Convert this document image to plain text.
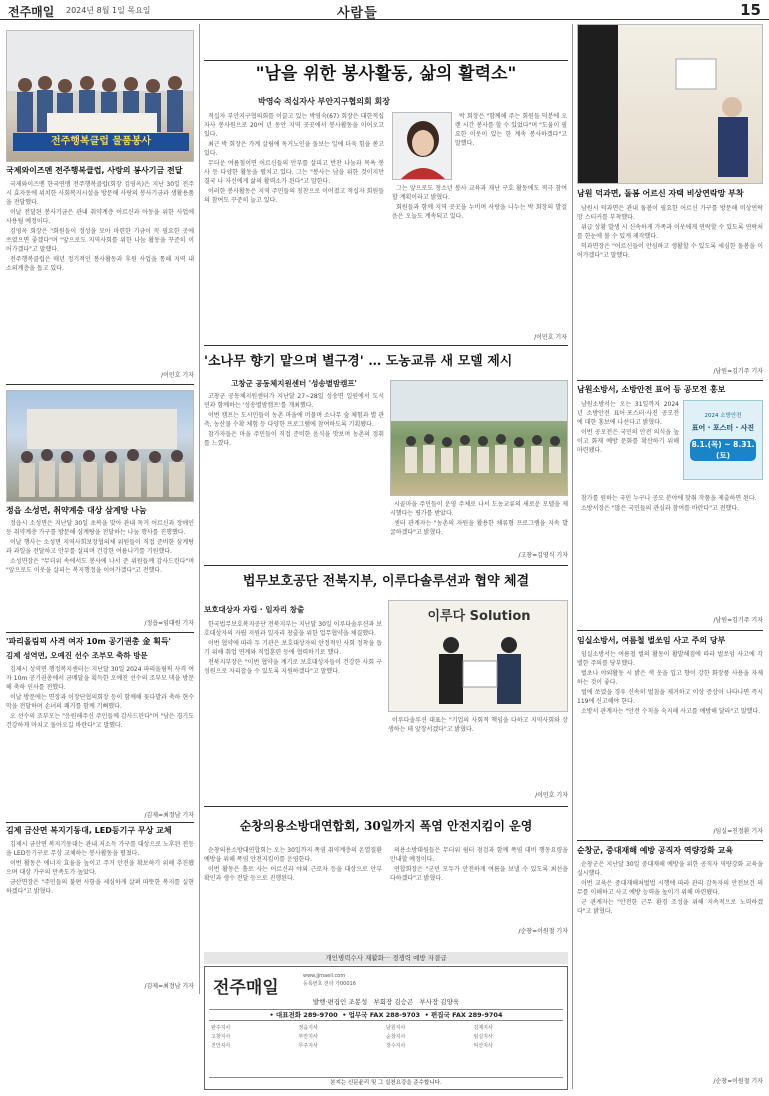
전주매일 2024년 8월 1일 목요일	사람들	15
전주행복클럽 물품봉사
국제와이즈멘 전주행복클럽, 사랑의 봉사기금 전달

국제와이즈멘 한국연맹 전주행복클럽(회장 김영옥)은 지난 30일 전주시 효자동에 위치한 사회복지시설을 방문해 사랑의 봉사기금과 생활용품을 전달했다.

이날 전달된 봉사기금은 관내 취약계층 어르신과 아동을 위한 사업에 사용될 예정이다.

김영옥 회장은 "회원들이 정성을 모아 마련한 기금이 꼭 필요한 곳에 쓰였으면 좋겠다"며 "앞으로도 지역사회를 위한 나눔 활동을 꾸준히 이어가겠다"고 말했다.

전주행복클럽은 매년 정기적인 봉사활동과 후원 사업을 통해 지역 내 소외계층을 돕고 있다.

/이민호 기자
정읍 소성면, 취약계층 대상 삼계탕 나눔

정읍시 소성면은 지난달 30일 초복을 맞아 관내 독거 어르신과 장애인 등 취약계층 가구를 방문해 삼계탕을 전달하는 나눔 행사를 진행했다.

이날 행사는 소성면 지역사회보장협의체 위원들이 직접 준비한 삼계탕과 과일을 전달하고 안부를 살피며 건강한 여름나기를 기원했다.

소성면장은 "무더위 속에서도 봉사에 나서 준 위원들께 감사드린다"며 "앞으로도 이웃을 살피는 복지행정을 이어가겠다"고 전했다.

/정읍=임대원 기자
'파리올림픽 사격 여자 10m 공기권총 金 획득'
김제 성역면, 오예진 선수 조부모 축하 방문

김제시 성역면 행정복지센터는 지난달 30일 2024 파리올림픽 사격 여자 10m 공기권총에서 금메달을 획득한 오예진 선수의 조부모 댁을 방문해 축하 인사를 전했다.

이날 방문에는 면장과 이장단협의회장 등이 함께해 꽃다발과 축하 현수막을 전달하며 손녀의 쾌거를 함께 기뻐했다.

오 선수의 조부모는 "응원해주신 주민들께 감사드린다"며 "남은 경기도 건강하게 마치고 돌아오길 바란다"고 말했다.

/김제=최정남 기자
김제 금산면 복지기동대, LED등기구 무상 교체

김제시 금산면 복지기동대는 관내 저소득 가구를 대상으로 노후된 전등을 LED등기구로 무상 교체하는 봉사활동을 펼쳤다.

이번 활동은 에너지 효율을 높이고 주거 안전을 확보하기 위해 추진됐으며 대상 가구의 만족도가 높았다.

금산면장은 "주민들의 불편 사항을 세심하게 살펴 따뜻한 복지를 실현하겠다"고 밝혔다.

/김제=최정남 기자
"남을 위한 봉사활동, 삶의 활력소"
박영숙 적십자사 부안지구협의회 회장

적십자 부안지구협의회를 이끌고 있는 박영숙(67) 회장은 대한적십자사 봉사원으로 20여 년 동안 지역 곳곳에서 봉사활동을 이어오고 있다.

최근 박 회장은 가계 살림에 독거노인을 돌보는 일에 더욱 힘을 쏟고 있다.

무더운 여름철이면 어르신들의 안부를 살피고 반찬 나눔과 목욕 봉사 등 다양한 활동을 펼치고 있다. 그는 "봉사는 남을 위한 것이지만 결국 나 자신에게 삶의 활력소가 된다"고 말한다.

이러한 봉사활동은 지역 주민들의 칭찬으로 이어졌고 적십자 회원들의 참여도 꾸준히 늘고 있다.

박 회장은 "함께해 주는 회원들 덕분에 오랜 시간 봉사를 할 수 있었다"며 "도움이 필요한 이웃이 있는 한 계속 봉사하겠다"고 말했다.

그는 앞으로도 청소년 봉사 교육과 재난 구호 활동에도 적극 참여할 계획이라고 밝혔다.

회원들과 함께 지역 곳곳을 누비며 사랑을 나누는 박 회장의 발걸음은 오늘도 계속되고 있다.

/이민호 기자
'소나무 향기 맡으며 별구경' … 도농교류 새 모델 제시
고창군 공동체지원센터 '성송별밤캠프'

고창군 공동체지원센터가 지난달 27~28일 성송면 일원에서 도시민과 함께하는 '성송별밤캠프'를 개최했다.

이번 캠프는 도시민들이 농촌 마을에 머물며 소나무 숲 체험과 별 관측, 농산물 수확 체험 등 다양한 프로그램에 참여하도록 기획됐다.

참가자들은 마을 주민들이 직접 준비한 음식을 맛보며 농촌의 정취를 느꼈다.

시골마을 주민들이 운영 주체로 나서 도농교류의 새로운 모델을 제시했다는 평가를 받았다.

센터 관계자는 "농촌의 자원을 활용한 체류형 프로그램을 지속 발굴하겠다"고 밝혔다.

/고창=김영식 기자
법무보호공단 전북지부, 이루다솔루션과 협약 체결
보호대상자 자립 · 일자리 창출

한국법무보호복지공단 전북지부는 지난달 30일 이루다솔루션과 보호대상자의 자립 지원과 일자리 창출을 위한 업무협약을 체결했다.

이번 협약에 따라 두 기관은 보호대상자의 안정적인 사회 정착을 돕기 위해 취업 연계와 직업훈련 등에 협력하기로 했다.

전북지부장은 "이번 협약을 계기로 보호대상자들이 건강한 사회 구성원으로 자리잡을 수 있도록 지원하겠다"고 말했다.

이루다 Solution

이루다솔루션 대표는 "기업의 사회적 책임을 다하고 지역사회와 상생하는 데 앞장서겠다"고 밝혔다.

/이민호 기자
순창의용소방대연합회, 30일까지 폭염 안전지킴이 운영

순창의용소방대연합회는 오는 30일까지 폭염 취약계층의 온열질환 예방을 위해 폭염 안전지킴이를 운영한다.

이번 활동은 홀로 사는 어르신과 야외 근로자 등을 대상으로 안부 확인과 생수 전달 등으로 진행된다.

의용소방대원들은 무더위 쉼터 점검과 함께 폭염 대비 행동요령을 안내할 예정이다.

연합회장은 "군민 모두가 안전하게 여름을 보낼 수 있도록 최선을 다하겠다"고 밝혔다.

/순창=이원철 기자
남원 덕과면, 돌봄 어르신 자택 비상연락망 부착

남원시 덕과면은 관내 돌봄이 필요한 어르신 가구를 방문해 비상연락망 스티커를 부착했다.

위급 상황 발생 시 신속하게 가족과 이웃에게 연락할 수 있도록 연락처를 한눈에 볼 수 있게 제작했다.

덕과면장은 "어르신들이 안심하고 생활할 수 있도록 세심한 돌봄을 이어가겠다"고 말했다.

/남원=김기주 기자
남원소방서, 소방안전 표어 등 공모전 홍보

남원소방서는 오는 31일까지 2024년 소방안전 표어·포스터·사진 공모전에 대한 홍보에 나선다고 밝혔다.

이번 공모전은 국민의 안전 의식을 높이고 화재 예방 문화를 확산하기 위해 마련됐다.

2024 소방안전
표어 · 포스터 · 사진
8.1.(목) ~ 8.31.(토)

참가를 원하는 국민 누구나 공모 분야에 맞춰 작품을 제출하면 된다.

소방서장은 "많은 국민들의 관심과 참여를 바란다"고 전했다.

/남원=김기주 기자
임실소방서, 여름철 벌쏘임 사고 주의 당부

임실소방서는 여름철 벌의 활동이 활발해짐에 따라 벌쏘임 사고에 각별한 주의를 당부했다.

벌초나 야외활동 시 밝은 색 옷을 입고 향이 강한 화장품 사용을 자제하는 것이 좋다.

벌에 쏘였을 경우 신속히 벌침을 제거하고 이상 증상이 나타나면 즉시 119에 신고해야 한다.

소방서 관계자는 "안전 수칙을 숙지해 사고를 예방해 달라"고 말했다.

/임실=진정환 기자
순창군, 중대재해 예방 공직자 역량강화 교육

순창군은 지난달 30일 중대재해 예방을 위한 공직자 역량강화 교육을 실시했다.

이번 교육은 중대재해처벌법 시행에 따라 관리 감독자의 안전보건 의무를 이해하고 사고 예방 능력을 높이기 위해 마련됐다.

군 관계자는 "안전한 근무 환경 조성을 위해 지속적으로 노력하겠다"고 밝혔다.

/순창=이원철 기자
개인병력수사 재활화··· 경쟁력 예방 자결급
전주매일
www.jjmaeil.com
등록번호 전라 가00016
발행·편집인 조봉성 부회장 김승곤 부사장 김양욱
• 대표전화 289-9700 • 업무국 FAX 288-9703 • 편집국 FAX 289-9704
완주지사	정읍지사	남원지사	김제지사
고창지사	부안지사	순창지사	임실지사
진안지사	무주지사	장수지사	익산지사
본지는 신문윤리 및 그 실천요강을 준수합니다.
